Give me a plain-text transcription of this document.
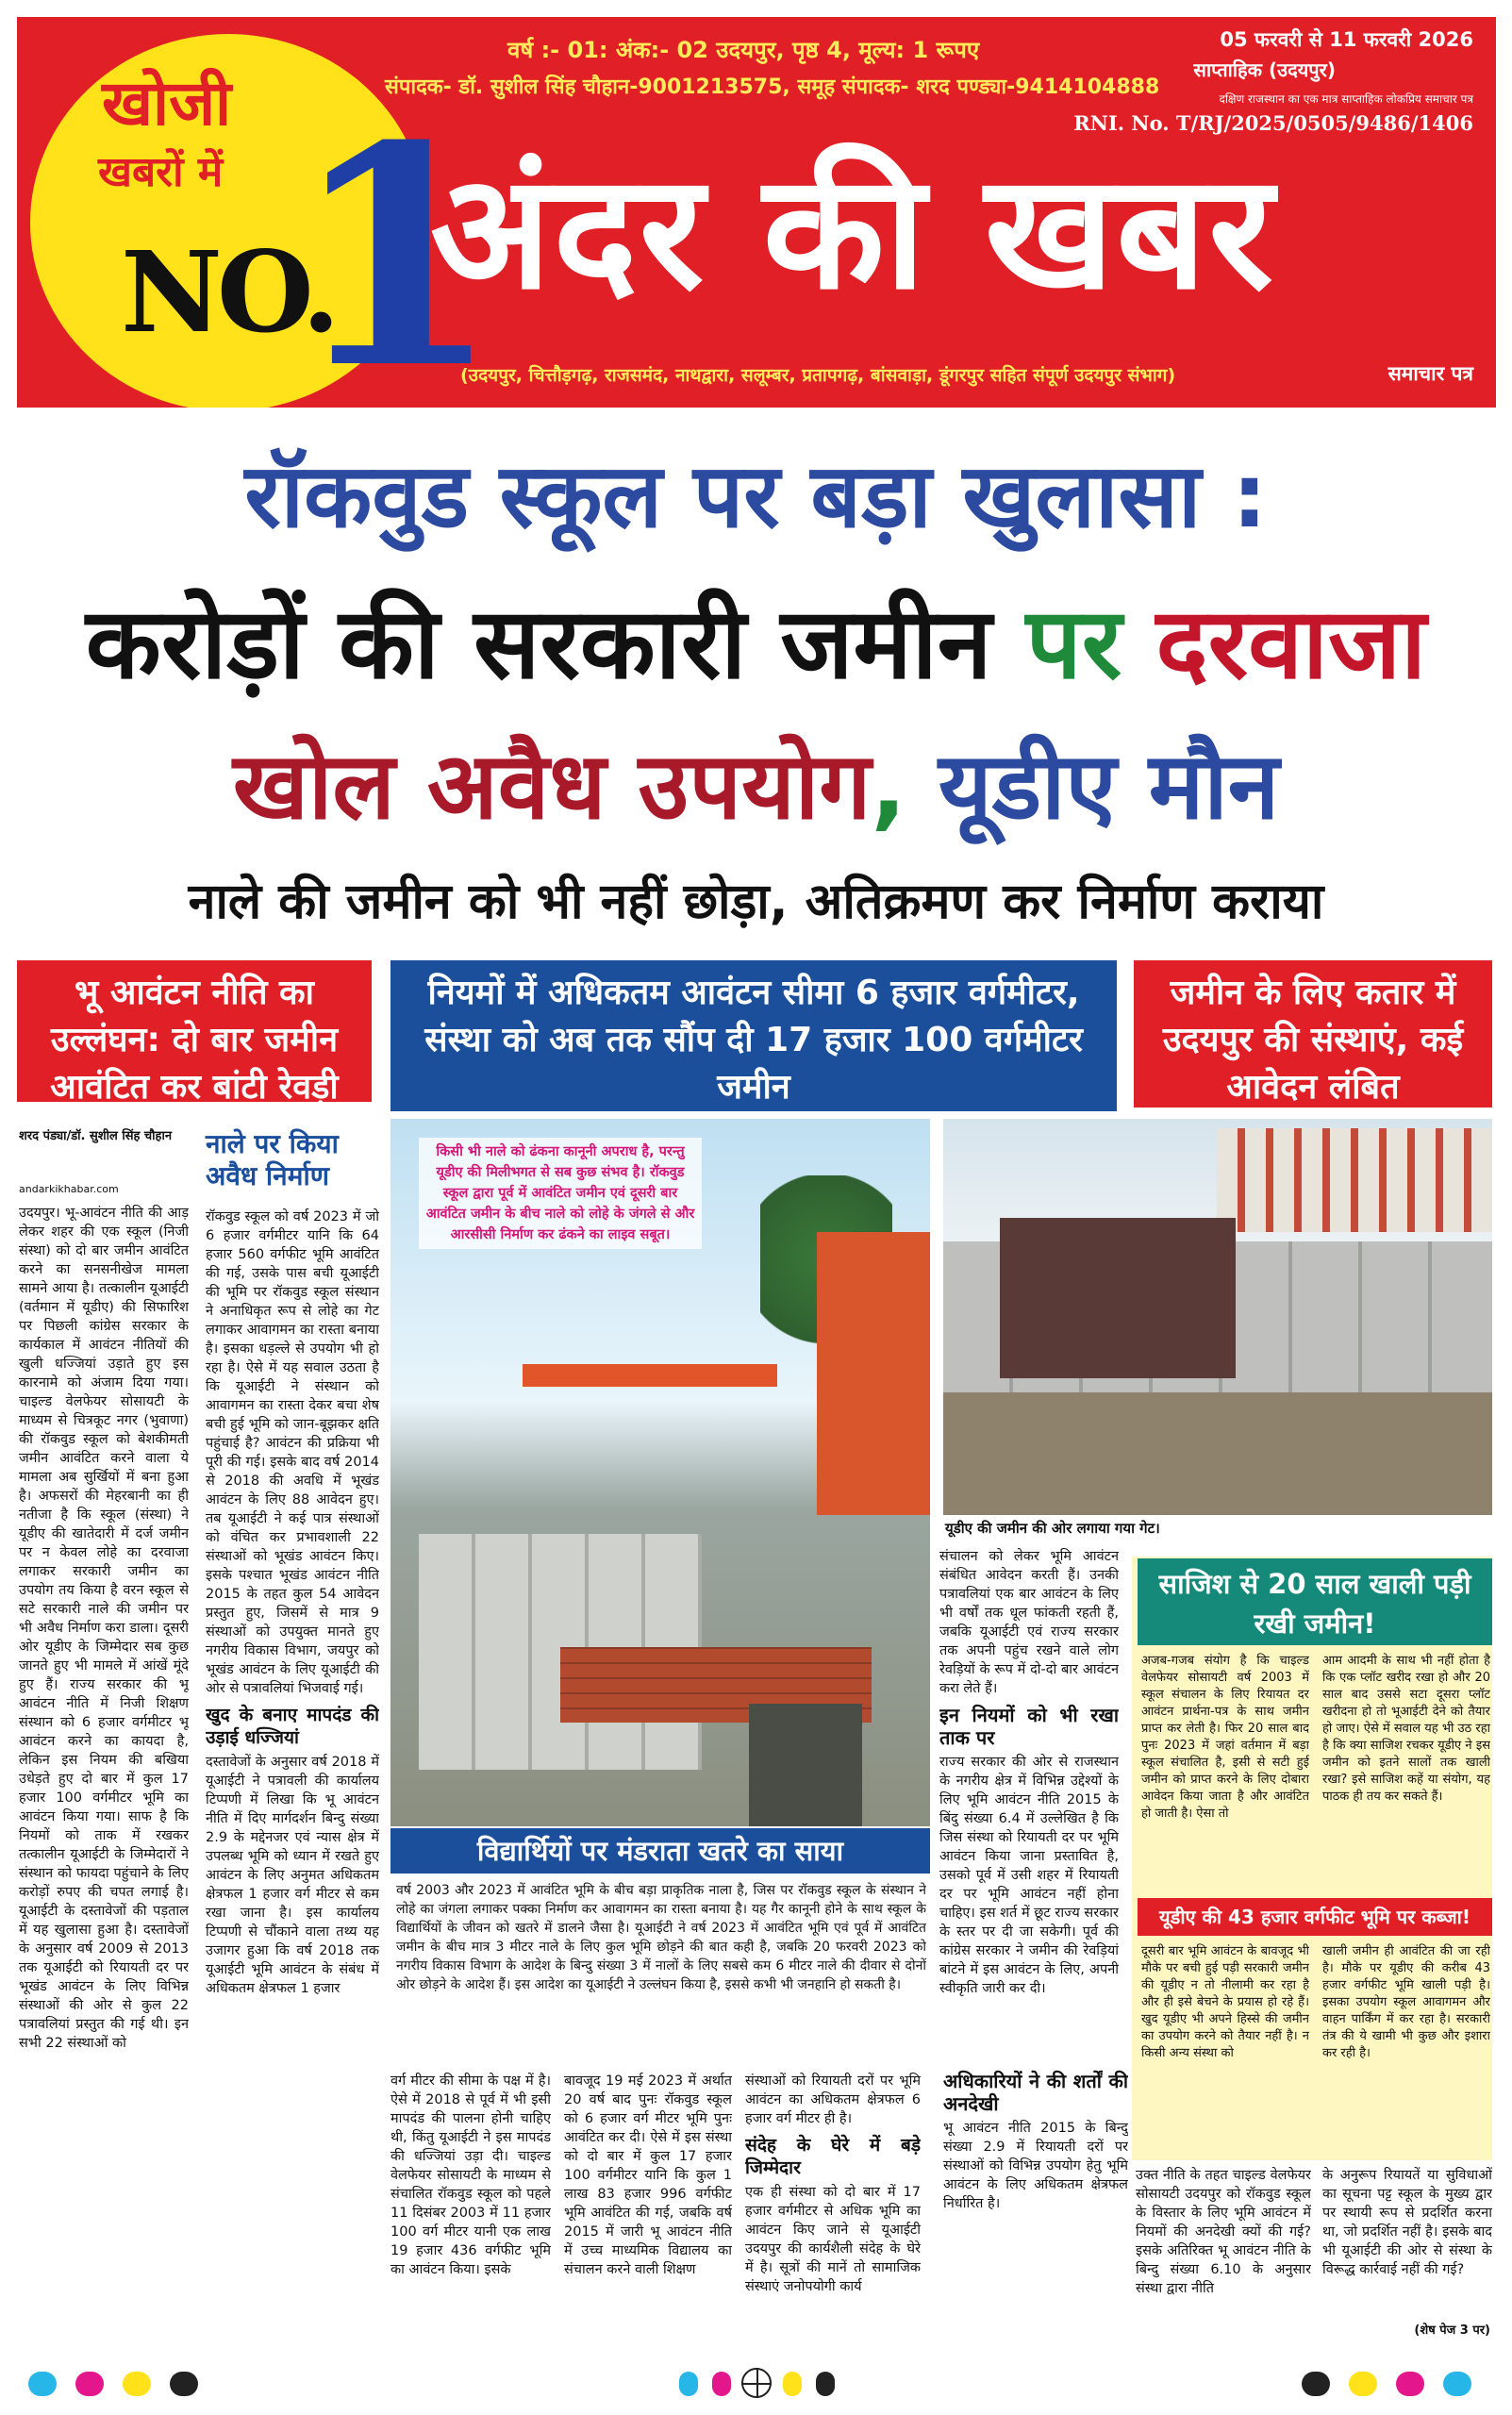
खोजी
खबरों में
NO.
1
वर्ष :- 01: अंक:- 02 उदयपुर, पृष्ठ 4, मूल्य: 1 रूपए
संपादक- डॉ. सुशील सिंह चौहान-9001213575, समूह संपादक- शरद पण्ड्या-9414104888
05 फरवरी से 11 फरवरी 2026
साप्ताहिक (उदयपुर)
दक्षिण राजस्थान का एक मात्र साप्ताहिक लोकप्रिय समाचार पत्र
RNI. No. T/RJ/2025/0505/9486/1406
अंदर की खबर
(उदयपुर, चित्तौड़गढ़, राजसमंद, नाथद्वारा, सलूम्बर, प्रतापगढ़, बांसवाड़ा, डूंगरपुर सहित संपूर्ण उदयपुर संभाग)	समाचार पत्र
रॉकवुड स्कूल पर बड़ा खुलासा :
करोड़ों की सरकारी जमीन पर दरवाजा
खोल अवैध उपयोग, यूडीए मौन
नाले की जमीन को भी नहीं छोड़ा, अतिक्रमण कर निर्माण कराया
भू आवंटन नीति का उल्लंघन: दो बार जमीन आवंटित कर बांटी रेवड़ी
नियमों में अधिकतम आवंटन सीमा 6 हजार वर्गमीटर, संस्था को अब तक सौंप दी 17 हजार 100 वर्गमीटर जमीन
जमीन के लिए कतार में उदयपुर की संस्थाएं, कई आवेदन लंबित
शरद पंड्या/डॉ. सुशील सिंह चौहान
andarkikhabar.com
उदयपुर। भू-आवंटन नीति की आड़ लेकर शहर की एक स्कूल (निजी संस्था) को दो बार जमीन आवंटित करने का सनसनीखेज मामला सामने आया है। तत्कालीन यूआईटी (वर्तमान में यूडीए) की सिफारिश पर पिछली कांग्रेस सरकार के कार्यकाल में आवंटन नीतियों की खुली धज्जियां उड़ाते हुए इस कारनामे को अंजाम दिया गया। चाइल्ड वेलफेयर सोसायटी के माध्यम से चित्रकूट नगर (भुवाणा) की रॉकवुड स्कूल को बेशकीमती जमीन आवंटित करने वाला ये मामला अब सुर्खियों में बना हुआ है। अफसरों की मेहरबानी का ही नतीजा है कि स्कूल (संस्था) ने यूडीए की खातेदारी में दर्ज जमीन पर न केवल लोहे का दरवाजा लगाकर सरकारी जमीन का उपयोग तय किया है वरन स्कूल से सटे सरकारी नाले की जमीन पर भी अवैध निर्माण करा डाला। दूसरी ओर यूडीए के जिम्मेदार सब कुछ जानते हुए भी मामले में आंखें मूंदे हुए हैं। राज्य सरकार की भू आवंटन नीति में निजी शिक्षण संस्थान को 6 हजार वर्गमीटर भू आवंटन करने का कायदा है, लेकिन इस नियम की बखिया उधेड़ते हुए दो बार में कुल 17 हजार 100 वर्गमीटर भूमि का आवंटन किया गया। साफ है कि नियमों को ताक में रखकर तत्कालीन यूआईटी के जिम्मेदारों ने संस्थान को फायदा पहुंचाने के लिए करोड़ों रुपए की चपत लगाई है। यूआईटी के दस्तावेजों की पड़ताल में यह खुलासा हुआ है। दस्तावेजों के अनुसार वर्ष 2009 से 2013 तक यूआईटी को रियायती दर पर भूखंड आवंटन के लिए विभिन्न संस्थाओं की ओर से कुल 22 पत्रावलियां प्रस्तुत की गई थी। इन सभी 22 संस्थाओं को
नाले पर किया अवैध निर्माण
रॉकवुड स्कूल को वर्ष 2023 में जो 6 हजार वर्गमीटर यानि कि 64 हजार 560 वर्गफीट भूमि आवंटित की गई, उसके पास बची यूआईटी की भूमि पर रॉकवुड स्कूल संस्थान ने अनाधिकृत रूप से लोहे का गेट लगाकर आवागमन का रास्ता बनाया है। इसका धड़ल्ले से उपयोग भी हो रहा है। ऐसे में यह सवाल उठता है कि यूआईटी ने संस्थान को आवागमन का रास्ता देकर बचा शेष बची हुई भूमि को जान-बूझकर क्षति पहुंचाई है? आवंटन की प्रक्रिया भी पूरी की गई। इसके बाद वर्ष 2014 से 2018 की अवधि में भूखंड आवंटन के लिए 88 आवेदन हुए। तब यूआईटी ने कई पात्र संस्थाओं को वंचित कर प्रभावशाली 22 संस्थाओं को भूखंड आवंटन किए। इसके पश्चात भूखंड आवंटन नीति 2015 के तहत कुल 54 आवेदन प्रस्तुत हुए, जिसमें से मात्र 9 संस्थाओं को उपयुक्त मानते हुए नगरीय विकास विभाग, जयपुर को भूखंड आवंटन के लिए यूआईटी की ओर से पत्रावलियां भिजवाई गई।
खुद के बनाए मापदंड की उड़ाई धज्जियां
दस्तावेजों के अनुसार वर्ष 2018 में यूआईटी ने पत्रावली की कार्यालय टिप्पणी में लिखा कि भू आवंटन नीति में दिए मार्गदर्शन बिन्दु संख्या 2.9 के मद्देनजर एवं न्यास क्षेत्र में उपलब्ध भूमि को ध्यान में रखते हुए आवंटन के लिए अनुमत अधिकतम क्षेत्रफल 1 हजार वर्ग मीटर से कम रखा जाना है। इस कार्यालय टिप्पणी से चौंकाने वाला तथ्य यह उजागर हुआ कि वर्ष 2018 तक यूआईटी भूमि आवंटन के संबंध में अधिकतम क्षेत्रफल 1 हजार
किसी भी नाले को ढंकना कानूनी अपराध है, परन्तु यूडीए की मिलीभगत से सब कुछ संभव है। रॉकवुड स्कूल द्वारा पूर्व में आवंटित जमीन एवं दूसरी बार आवंटित जमीन के बीच नाले को लोहे के जंगले से और आरसीसी निर्माण कर ढंकने का लाइव सबूत।
यूडीए की जमीन की ओर लगाया गया गेट।
विद्यार्थियों पर मंडराता खतरे का साया
वर्ष 2003 और 2023 में आवंटित भूमि के बीच बड़ा प्राकृतिक नाला है, जिस पर रॉकवुड स्कूल के संस्थान ने लोहे का जंगला लगाकर पक्का निर्माण कर आवागमन का रास्ता बनाया है। यह गैर कानूनी होने के साथ स्कूल के विद्यार्थियों के जीवन को खतरे में डालने जैसा है। यूआईटी ने वर्ष 2023 में आवंटित भूमि एवं पूर्व में आवंटित जमीन के बीच मात्र 3 मीटर नाले के लिए कुल भूमि छोड़ने की बात कही है, जबकि 20 फरवरी 2023 को नगरीय विकास विभाग के आदेश के बिन्दु संख्या 3 में नालों के लिए सबसे कम 6 मीटर नाले की दीवार से दोनों ओर छोड़ने के आदेश हैं। इस आदेश का यूआईटी ने उल्लंघन किया है, इससे कभी भी जनहानि हो सकती है।
वर्ग मीटर की सीमा के पक्ष में है। ऐसे में 2018 से पूर्व में भी इसी मापदंड की पालना होनी चाहिए थी, किंतु यूआईटी ने इस मापदंड की धज्जियां उड़ा दी। चाइल्ड वेलफेयर सोसायटी के माध्यम से संचालित रॉकवुड स्कूल को पहले 11 दिसंबर 2003 में 11 हजार 100 वर्ग मीटर यानी एक लाख 19 हजार 436 वर्गफीट भूमि का आवंटन किया। इसके
बावजूद 19 मई 2023 में अर्थात 20 वर्ष बाद पुनः रॉकवुड स्कूल को 6 हजार वर्ग मीटर भूमि पुनः आवंटित कर दी। ऐसे में इस संस्था को दो बार में कुल 17 हजार 100 वर्गमीटर यानि कि कुल 1 लाख 83 हजार 996 वर्गफीट भूमि आवंटित की गई, जबकि वर्ष 2015 में जारी भू आवंटन नीति में उच्च माध्यमिक विद्यालय का संचालन करने वाली शिक्षण
संस्थाओं को रियायती दरों पर भूमि आवंटन का अधिकतम क्षेत्रफल 6 हजार वर्ग मीटर ही है।
संदेह के घेरे में बड़े जिम्मेदार
एक ही संस्था को दो बार में 17 हजार वर्गमीटर से अधिक भूमि का आवंटन किए जाने से यूआईटी उदयपुर की कार्यशैली संदेह के घेरे में है। सूत्रों की मानें तो सामाजिक संस्थाएं जनोपयोगी कार्य
संचालन को लेकर भूमि आवंटन संबंधित आवेदन करती हैं। उनकी पत्रावलियां एक बार आवंटन के लिए भी वर्षों तक धूल फांकती रहती हैं, जबकि यूआईटी एवं राज्य सरकार तक अपनी पहुंच रखने वाले लोग रेवड़ियों के रूप में दो-दो बार आवंटन करा लेते हैं।
इन नियमों को भी रखा ताक पर
राज्य सरकार की ओर से राजस्थान के नगरीय क्षेत्र में विभिन्न उद्देश्यों के लिए भूमि आवंटन नीति 2015 के बिंदु संख्या 6.4 में उल्लेखित है कि जिस संस्था को रियायती दर पर भूमि आवंटन किया जाना प्रस्तावित है, उसको पूर्व में उसी शहर में रियायती दर पर भूमि आवंटन नहीं होना चाहिए। इस शर्त में छूट राज्य सरकार के स्तर पर दी जा सकेगी। पूर्व की कांग्रेस सरकार ने जमीन की रेवड़ियां बांटने में इस आवंटन के लिए, अपनी स्वीकृति जारी कर दी।
अधिकारियों ने की शर्तों की अनदेखी
भू आवंटन नीति 2015 के बिन्दु संख्या 2.9 में रियायती दरों पर संस्थाओं को विभिन्न उपयोग हेतु भूमि आवंटन के लिए अधिकतम क्षेत्रफल निर्धारित है।
साजिश से 20 साल खाली पड़ी रखी जमीन!
अजब-गजब संयोग है कि चाइल्ड वेलफेयर सोसायटी वर्ष 2003 में स्कूल संचालन के लिए रियायत दर आवंटन प्रार्थना-पत्र के साथ जमीन प्राप्त कर लेती है। फिर 20 साल बाद पुनः 2023 में जहां वर्तमान में बड़ा स्कूल संचालित है, इसी से सटी हुई जमीन को प्राप्त करने के लिए दोबारा आवेदन किया जाता है और आवंटित हो जाती है। ऐसा तो
आम आदमी के साथ भी नहीं होता है कि एक प्लॉट खरीद रखा हो और 20 साल बाद उससे सटा दूसरा प्लॉट खरीदना हो तो भूआईटी देने को तैयार हो जाए। ऐसे में सवाल यह भी उठ रहा है कि क्या साजिश रचकर यूडीए ने इस जमीन को इतने सालों तक खाली रखा? इसे साजिश कहें या संयोग, यह पाठक ही तय कर सकते हैं।
यूडीए की 43 हजार वर्गफीट भूमि पर कब्जा!
दूसरी बार भूमि आवंटन के बावजूद भी मौके पर बची हुई पड़ी सरकारी जमीन की यूडीए न तो नीलामी कर रहा है और ही इसे बेचने के प्रयास हो रहे हैं। खुद यूडीए भी अपने हिस्से की जमीन का उपयोग करने को तैयार नहीं है। न किसी अन्य संस्था को
खाली जमीन ही आवंटित की जा रही है। मौके पर यूडीए की करीब 43 हजार वर्गफीट भूमि खाली पड़ी है। इसका उपयोग स्कूल आवागमन और वाहन पार्किंग में कर रहा है। सरकारी तंत्र की ये खामी भी कुछ और इशारा कर रही है।
उक्त नीति के तहत चाइल्ड वेलफेयर सोसायटी उदयपुर को रॉकवुड स्कूल के विस्तार के लिए भूमि आवंटन में नियमों की अनदेखी क्यों की गई? इसके अतिरिक्त भू आवंटन नीति के बिन्दु संख्या 6.10 के अनुसार संस्था द्वारा नीति
के अनुरूप रियायतें या सुविधाओं का सूचना पट्ट स्कूल के मुख्य द्वार पर स्थायी रूप से प्रदर्शित करना था, जो प्रदर्शित नहीं है। इसके बाद भी यूआईटी की ओर से संस्था के विरूद्ध कार्रवाई नहीं की गई?
(शेष पेज 3 पर)
